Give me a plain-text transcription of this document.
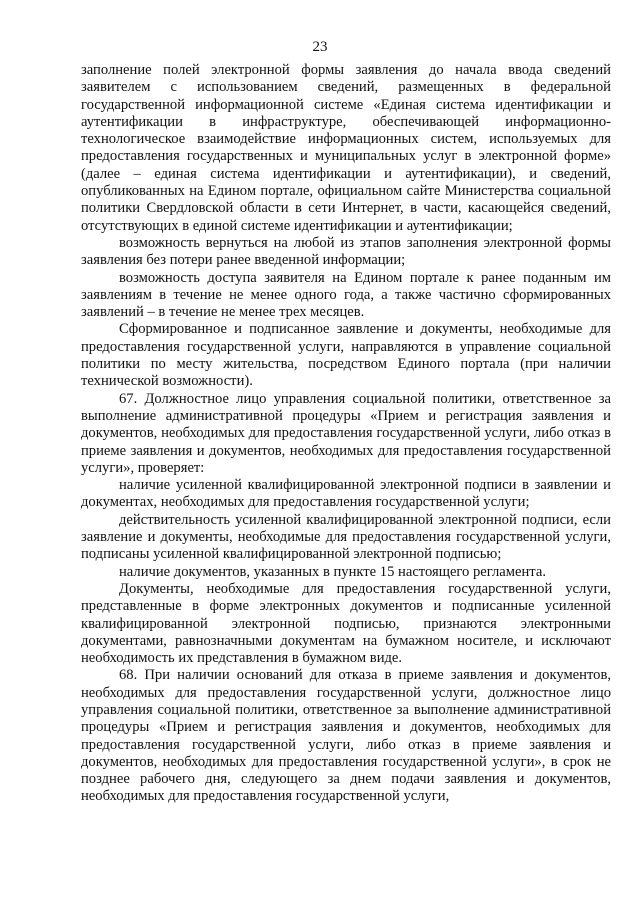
23

заполнение полей электронной формы заявления до начала ввода сведений заявителем с использованием сведений, размещенных в федеральной государственной информационной системе «Единая система идентификации и аутентификации в инфраструктуре, обеспечивающей информационно-технологическое взаимодействие информационных систем, используемых для предоставления государственных и муниципальных услуг в электронной форме» (далее – единая система идентификации и аутентификации), и сведений, опубликованных на Едином портале, официальном сайте Министерства социальной политики Свердловской области в сети Интернет, в части, касающейся сведений, отсутствующих в единой системе идентификации и аутентификации;

возможность вернуться на любой из этапов заполнения электронной формы заявления без потери ранее введенной информации;

возможность доступа заявителя на Едином портале к ранее поданным им заявлениям в течение не менее одного года, а также частично сформированных заявлений – в течение не менее трех месяцев.

Сформированное и подписанное заявление и документы, необходимые для предоставления государственной услуги, направляются в управление социальной политики по месту жительства, посредством Единого портала (при наличии технической возможности).

67. Должностное лицо управления социальной политики, ответственное за выполнение административной процедуры «Прием и регистрация заявления и документов, необходимых для предоставления государственной услуги, либо отказ в приеме заявления и документов, необходимых для предоставления государственной услуги», проверяет:

наличие усиленной квалифицированной электронной подписи в заявлении и документах, необходимых для предоставления государственной услуги;

действительность усиленной квалифицированной электронной подписи, если заявление и документы, необходимые для предоставления государственной услуги, подписаны усиленной квалифицированной электронной подписью;

наличие документов, указанных в пункте 15 настоящего регламента.

Документы, необходимые для предоставления государственной услуги, представленные в форме электронных документов и подписанные усиленной квалифицированной электронной подписью, признаются электронными документами, равнозначными документам на бумажном носителе, и исключают необходимость их представления в бумажном виде.

68. При наличии оснований для отказа в приеме заявления и документов, необходимых для предоставления государственной услуги, должностное лицо управления социальной политики, ответственное за выполнение административной процедуры «Прием и регистрация заявления и документов, необходимых для предоставления государственной услуги, либо отказ в приеме заявления и документов, необходимых для предоставления государственной услуги», в срок не позднее рабочего дня, следующего за днем подачи заявления и документов, необходимых для предоставления государственной услуги,
